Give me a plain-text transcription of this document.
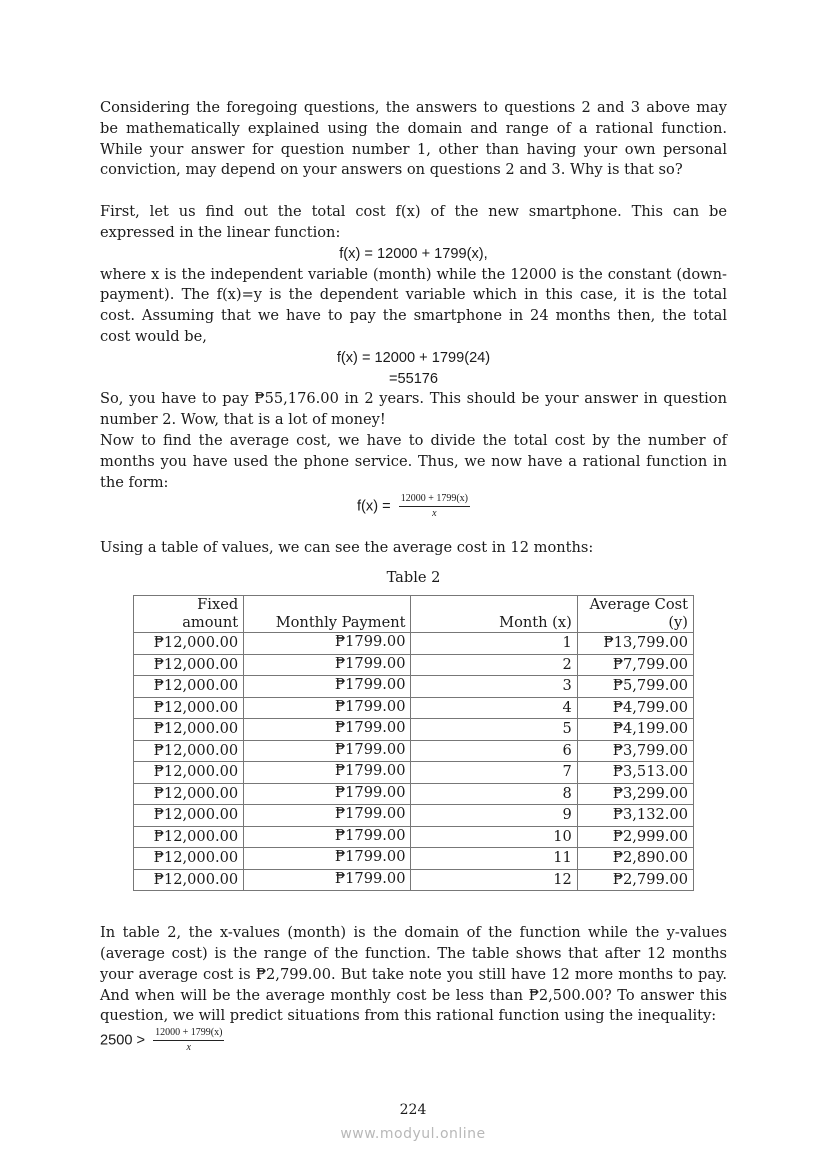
Considering the foregoing questions, the answers to questions 2 and 3 above may be mathematically explained using the domain and range of a rational function. While your answer for question number 1, other than having your own personal conviction, may depend on your answers on questions 2 and 3. Why is that so?

First, let us find out the total cost f(x) of the new smartphone. This can be expressed in the linear function:

f(x) = 12000 + 1799(x),

where x is the independent variable (month) while the 12000 is the constant (down-payment). The f(x)=y is the dependent variable which in this case, it is the total cost. Assuming that we have to pay the smartphone in 24 months then, the total cost would be,

f(x) = 12000 + 1799(24)
=55176

So, you have to pay ₱55,176.00 in 2 years. This should be your answer in question number 2. Wow, that is a lot of money!

Now to find the average cost, we have to divide the total cost by the number of months you have used the phone service. Thus, we now have a rational function in the form:

$f(x) = \frac{12000 + 1799(x)}{x}$

Using a table of values, we can see the average cost in 12 months:

Table 2
Fixed
amount	Monthly Payment	Month (x)	Average Cost
(y)
₱12,000.00	₱1799.00	1	₱13,799.00
₱12,000.00	₱1799.00	2	₱7,799.00
₱12,000.00	₱1799.00	3	₱5,799.00
₱12,000.00	₱1799.00	4	₱4,799.00
₱12,000.00	₱1799.00	5	₱4,199.00
₱12,000.00	₱1799.00	6	₱3,799.00
₱12,000.00	₱1799.00	7	₱3,513.00
₱12,000.00	₱1799.00	8	₱3,299.00
₱12,000.00	₱1799.00	9	₱3,132.00
₱12,000.00	₱1799.00	10	₱2,999.00
₱12,000.00	₱1799.00	11	₱2,890.00
₱12,000.00	₱1799.00	12	₱2,799.00

In table 2, the x-values (month) is the domain of the function while the y-values (average cost) is the range of the function. The table shows that after 12 months your average cost is ₱2,799.00. But take note you still have 12 more months to pay. And when will be the average monthly cost be less than ₱2,500.00? To answer this question, we will predict situations from this rational function using the inequality:

$2500 > \frac{12000 + 1799(x)}{x}$
224
www.modyul.online
